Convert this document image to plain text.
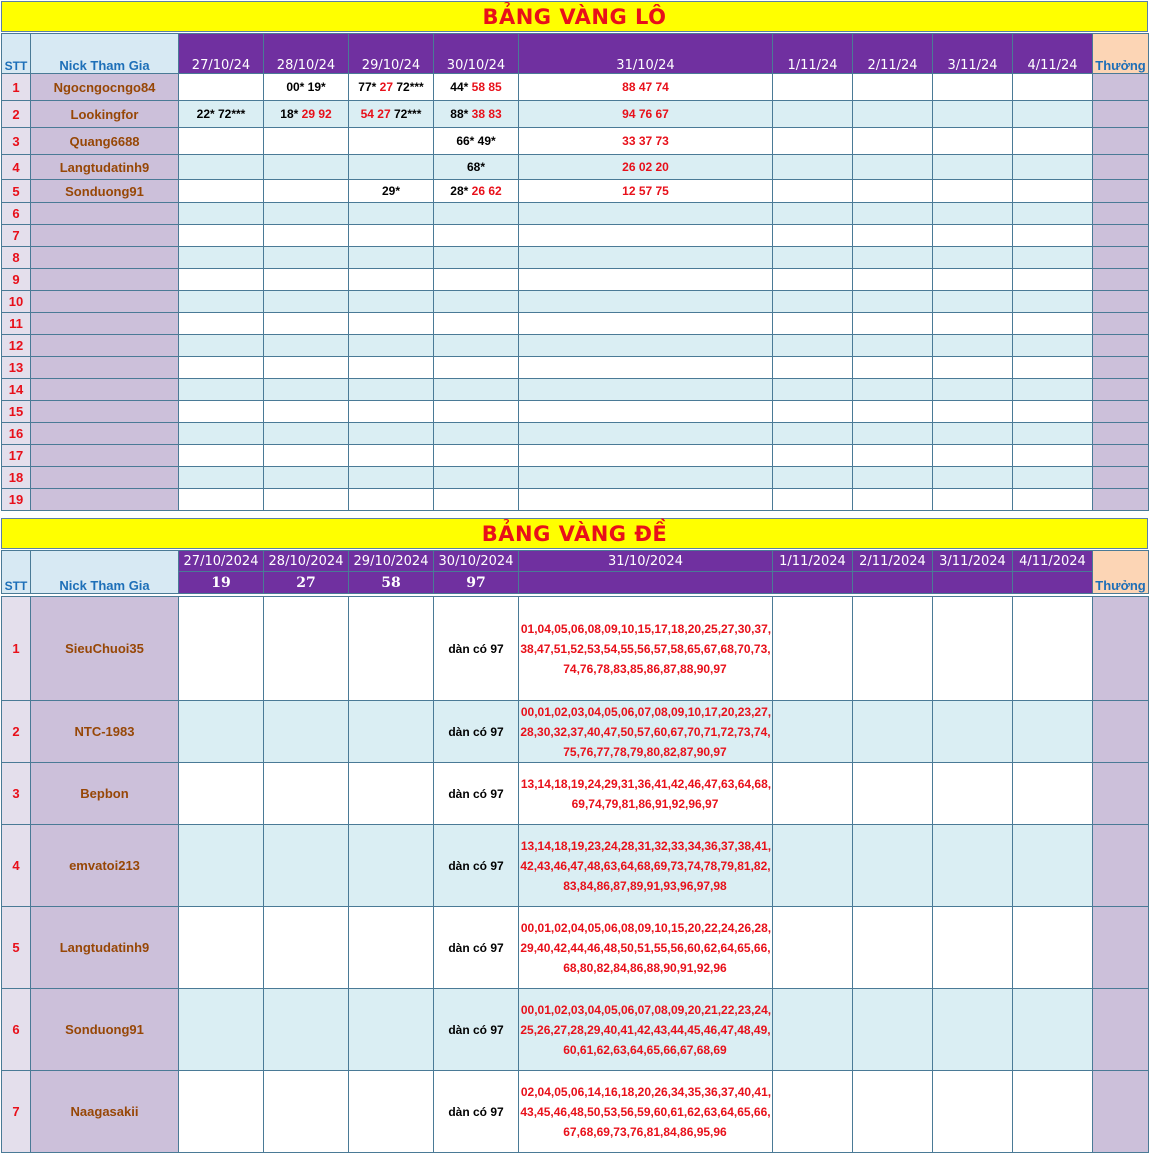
BẢNG VÀNG LÔ
STT	Nick Tham Gia	27/10/24	28/10/24	29/10/24	30/10/24	31/10/24	1/11/24	2/11/24	3/11/24	4/11/24	Thưởng
1	Ngocngocngo84		00* 19*	77* 27 72***	44* 58 85	88 47 74					
2	Lookingfor	22* 72***	18* 29 92	54 27 72***	88* 38 83	94 76 67					
3	Quang6688				66* 49*	33 37 73					
4	Langtudatinh9				68*	26 02 20					
5	Sonduong91			29*	28* 26 62	12 57 75					
6											
7											
8											
9											
10											
11											
12											
13											
14											
15											
16											
17											
18											
19											
BẢNG VÀNG ĐỀ
STT	Nick Tham Gia	27/10/2024	28/10/2024	29/10/2024	30/10/2024	31/10/2024	1/11/2024	2/11/2024	3/11/2024	4/11/2024	Thưởng
		19	27	58	97						

1	SieuChuoi35				dàn có 97	01,04,05,06,08,09,10,15,17,18,20,25,27,30,37,38,47,51,52,53,54,55,56,57,58,65,67,68,70,73,74,76,78,83,85,86,87,88,90,97					
2	NTC-1983				dàn có 97	00,01,02,03,04,05,06,07,08,09,10,17,20,23,27,28,30,32,37,40,47,50,57,60,67,70,71,72,73,74,75,76,77,78,79,80,82,87,90,97					
3	Bepbon				dàn có 97	13,14,18,19,24,29,31,36,41,42,46,47,63,64,68,69,74,79,81,86,91,92,96,97					
4	emvatoi213				dàn có 97	13,14,18,19,23,24,28,31,32,33,34,36,37,38,41,42,43,46,47,48,63,64,68,69,73,74,78,79,81,82,83,84,86,87,89,91,93,96,97,98					
5	Langtudatinh9				dàn có 97	00,01,02,04,05,06,08,09,10,15,20,22,24,26,28,29,40,42,44,46,48,50,51,55,56,60,62,64,65,66,68,80,82,84,86,88,90,91,92,96					
6	Sonduong91				dàn có 97	00,01,02,03,04,05,06,07,08,09,20,21,22,23,24,25,26,27,28,29,40,41,42,43,44,45,46,47,48,49,60,61,62,63,64,65,66,67,68,69					
7	Naagasakii				dàn có 97	02,04,05,06,14,16,18,20,26,34,35,36,37,40,41,43,45,46,48,50,53,56,59,60,61,62,63,64,65,66,67,68,69,73,76,81,84,86,95,96					
